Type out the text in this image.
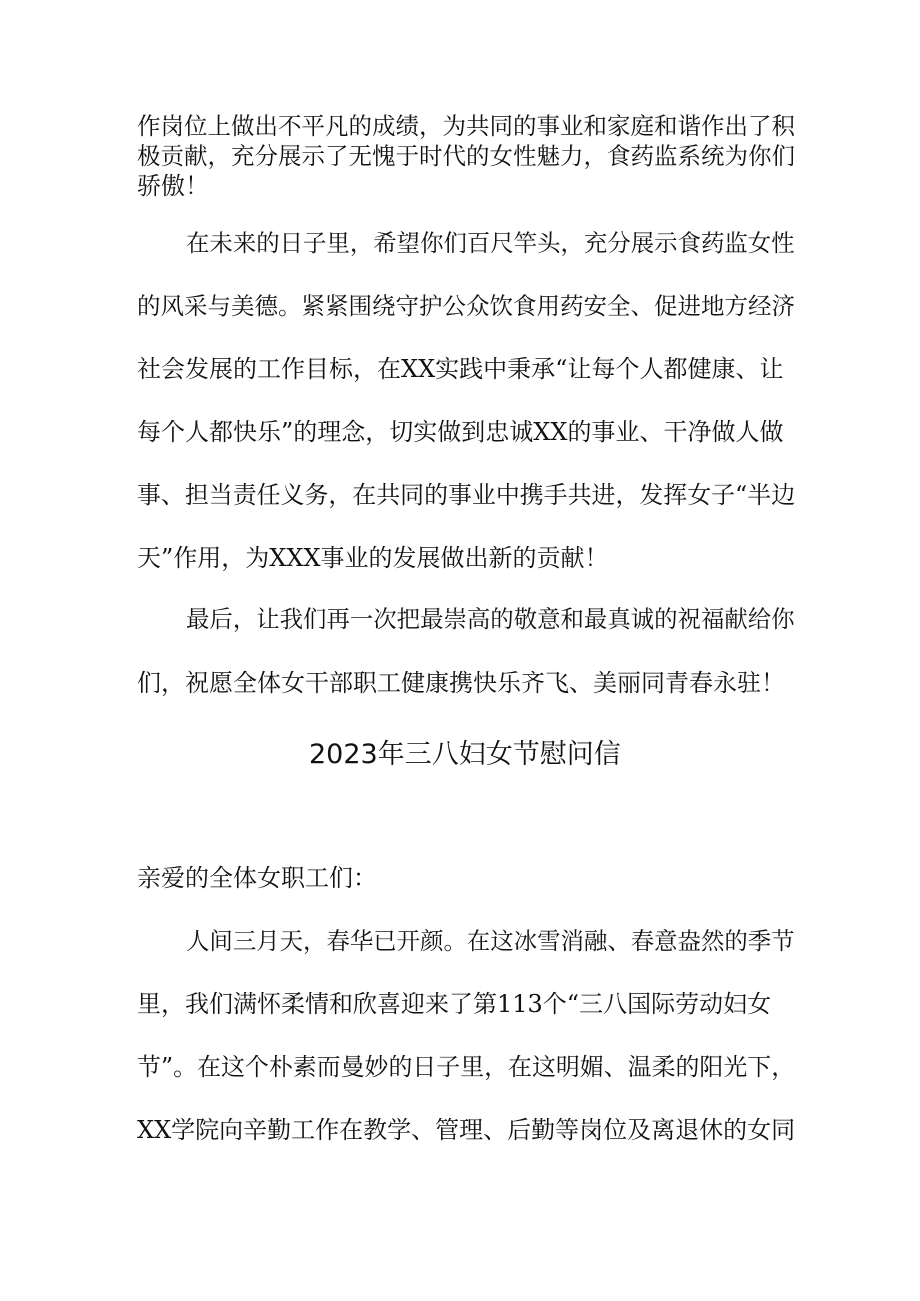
作岗位上做出不平凡的成绩，为共同的事业和家庭和谐作出了积

极贡献，充分展示了无愧于时代的女性魅力，食药监系统为你们

骄傲！

在未来的日子里，希望你们百尺竿头，充分展示食药监女性

的风采与美德。紧紧围绕守护公众饮食用药安全、促进地方经济

社会发展的工作目标，在XX实践中秉承“让每个人都健康、让

每个人都快乐”的理念，切实做到忠诚XX的事业、干净做人做

事、担当责任义务，在共同的事业中携手共进，发挥女子“半边

天”作用，为XXX事业的发展做出新的贡献！

最后，让我们再一次把最崇高的敬意和最真诚的祝福献给你

们，祝愿全体女干部职工健康携快乐齐飞、美丽同青春永驻！

2023年三八妇女节慰问信

亲爱的全体女职工们：

人间三月天，春华已开颜。在这冰雪消融、春意盎然的季节

里，我们满怀柔情和欣喜迎来了第113个“三八国际劳动妇女

节”。在这个朴素而曼妙的日子里，在这明媚、温柔的阳光下，

XX学院向辛勤工作在教学、管理、后勤等岗位及离退休的女同
